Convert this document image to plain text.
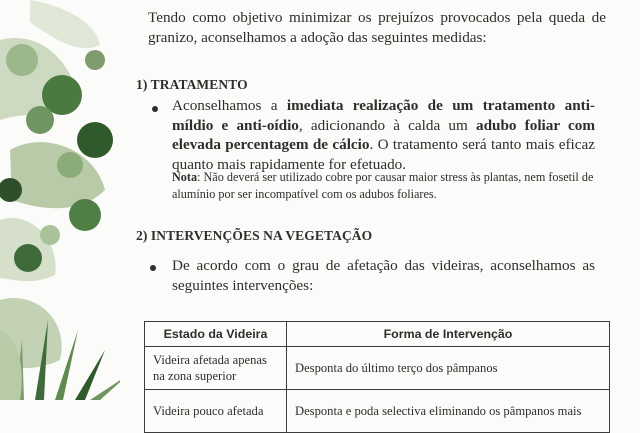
Tendo como objetivo minimizar os prejuízos provocados pela queda de granizo, aconselhamos a adoção das seguintes medidas:

1) TRATAMENTO

Aconselhamos a imediata realização de um tratamento anti-míldio e anti-oídio, adicionando à calda um adubo foliar com elevada percentagem de cálcio. O tratamento será tanto mais eficaz quanto mais rapidamente for efetuado.

Nota: Não deverá ser utilizado cobre por causar maior stress às plantas, nem fosetil de alumínio por ser incompatível com os adubos foliares.

2) INTERVENÇÕES NA VEGETAÇÃO

De acordo com o grau de afetação das videiras, aconselhamos as seguintes intervenções:

Estado da Videira	Forma de Intervenção
Videira afetada apenas na zona superior	Desponta do último terço dos pâmpanos
Videira pouco afetada	Desponta e poda selectiva eliminando os pâmpanos mais
